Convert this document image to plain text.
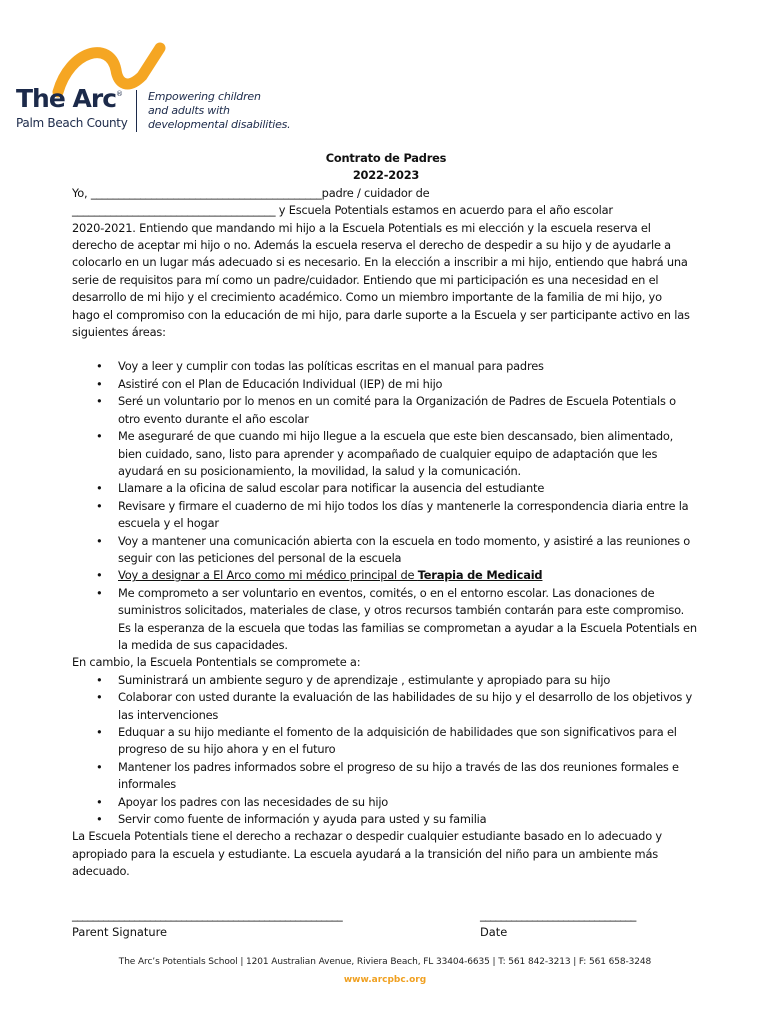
The Arc®
Palm Beach County
Empowering children
and adults with
developmental disabilities.
Contrato de Padres
2022-2023
Yo, __________________________________________padre / cuidador de
_____________________________________ y Escuela Potentials estamos en acuerdo para el año escolar
2020-2021. Entiendo que mandando mi hijo a la Escuela Potentials es mi elección y la escuela reserva el
derecho de aceptar mi hijo o no. Además la escuela reserva el derecho de despedir a su hijo y de ayudarle a
colocarlo en un lugar más adecuado si es necesario. En la elección a inscribir a mi hijo, entiendo que habrá una
serie de requisitos para mí como un padre/cuidador. Entiendo que mi participación es una necesidad en el
desarrollo de mi hijo y el crecimiento académico. Como un miembro importante de la familia de mi hijo, yo
hago el compromiso con la educación de mi hijo, para darle suporte a la Escuela y ser participante activo en las
siguientes áreas:
• Voy a leer y cumplir con todas las políticas escritas en el manual para padres
• Asistiré con el Plan de Educación Individual (IEP) de mi hijo
• Seré un voluntario por lo menos en un comité para la Organización de Padres de Escuela Potentials o otro evento durante el año escolar
• Me aseguraré de que cuando mi hijo llegue a la escuela que este bien descansado, bien alimentado, bien cuidado, sano, listo para aprender y acompañado de cualquier equipo de adaptación que les ayudará en su posicionamiento, la movilidad, la salud y la comunicación.
• Llamare a la oficina de salud escolar para notificar la ausencia del estudiante
• Revisare y firmare el cuaderno de mi hijo todos los días y mantenerle la correspondencia diaria entre la escuela y el hogar
• Voy a mantener una comunicación abierta con la escuela en todo momento, y asistiré a las reuniones o seguir con las peticiones del personal de la escuela
• Voy a designar a El Arco como mi médico principal de Terapia de Medicaid
• Me comprometo a ser voluntario en eventos, comités, o en el entorno escolar. Las donaciones de suministros solicitados, materiales de clase, y otros recursos también contarán para este compromiso. Es la esperanza de la escuela que todas las familias se comprometan a ayudar a la Escuela Potentials en la medida de sus capacidades.
En cambio, la Escuela Pontentials se compromete a:
• Suministrará un ambiente seguro y de aprendizaje , estimulante y apropiado para su hijo
• Colaborar con usted durante la evaluación de las habilidades de su hijo y el desarrollo de los objetivos y las intervenciones
• Eduquar a su hijo mediante el fomento de la adquisición de habilidades que son significativos para el progreso de su hijo ahora y en el futuro
• Mantener los padres informados sobre el progreso de su hijo a través de las dos reuniones formales e informales
• Apoyar los padres con las necesidades de su hijo
• Servir como fuente de información y ayuda para usted y su familia
La Escuela Potentials tiene el derecho a rechazar o despedir cualquier estudiante basado en lo adecuado y apropiado para la escuela y estudiante. La escuela ayudará a la transición del niño para un ambiente más adecuado.
____________________________________________________
Parent Signature
______________________________
Date
The Arc’s Potentials School | 1201 Australian Avenue, Riviera Beach, FL 33404-6635 | T: 561 842-3213 | F: 561 658-3248
www.arcpbc.org
